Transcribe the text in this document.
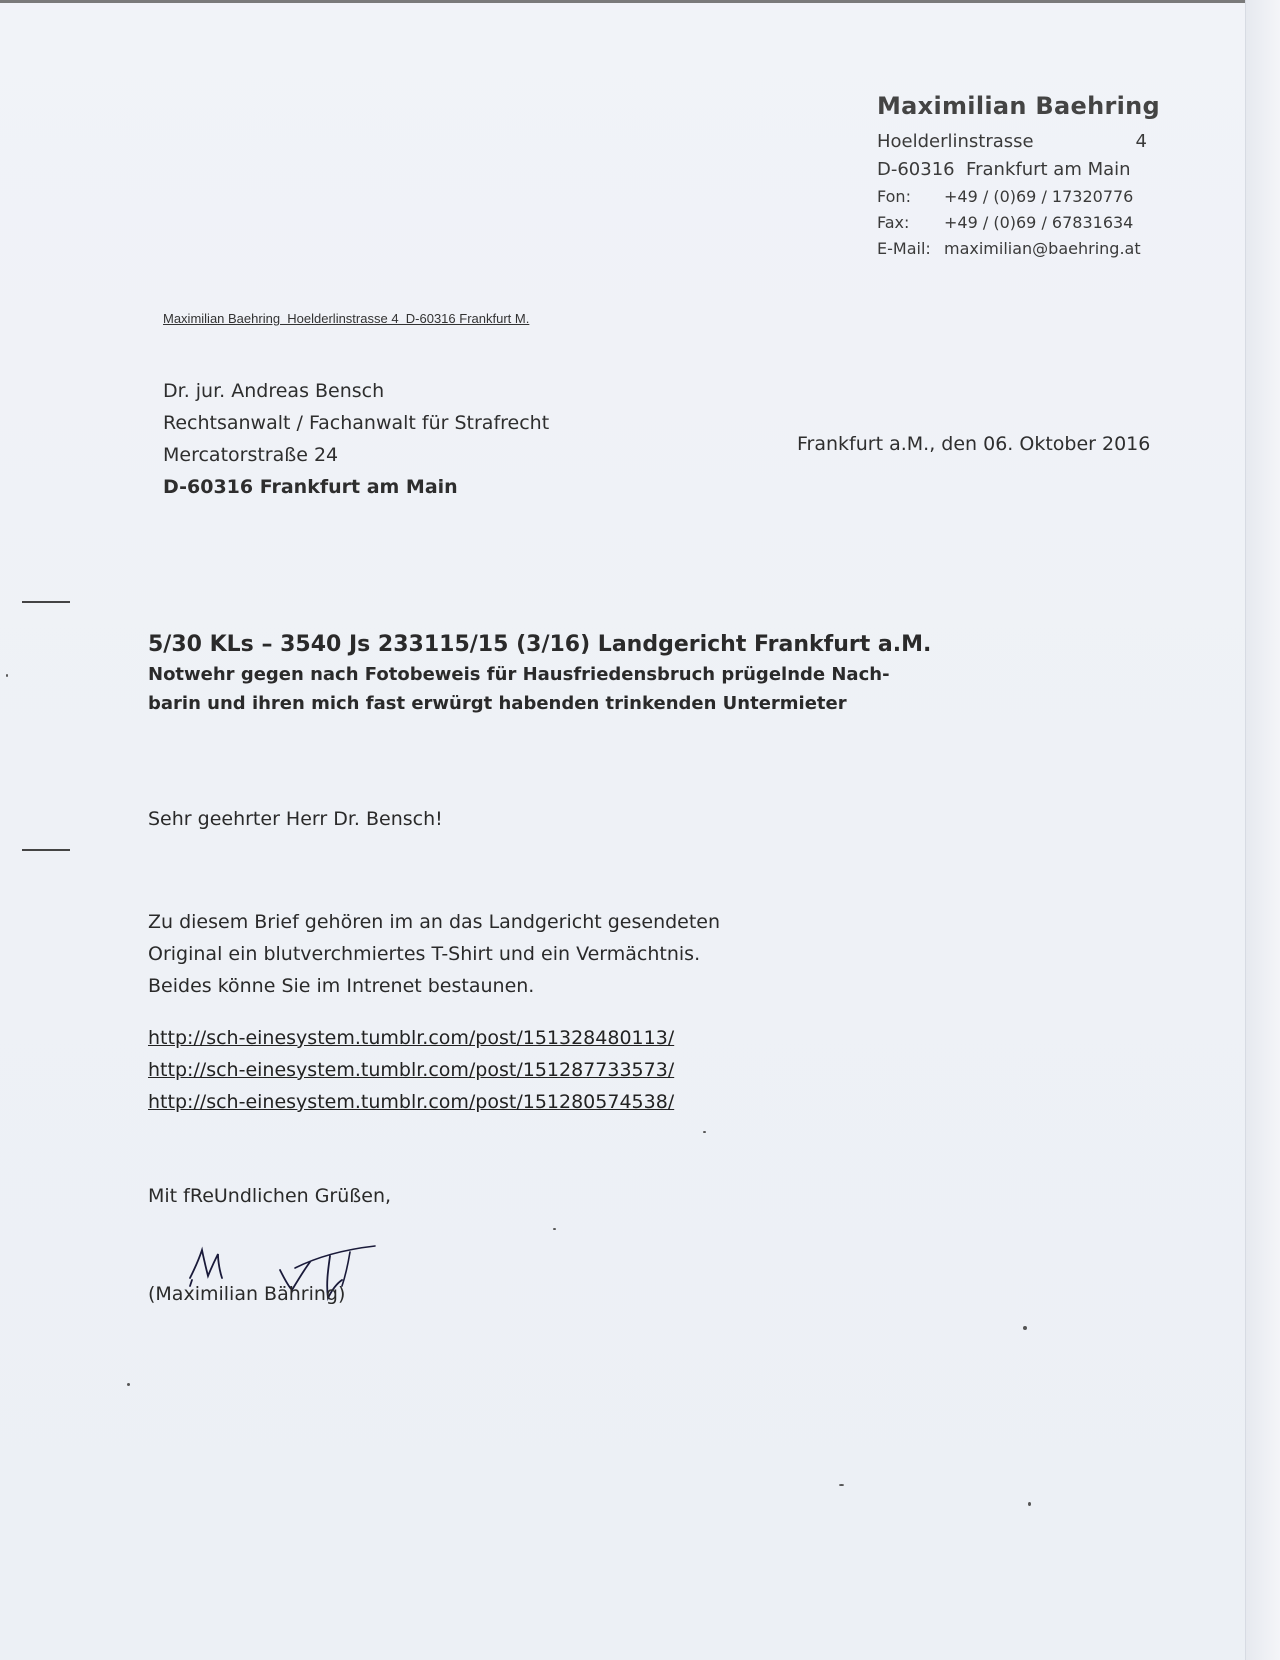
Maximilian Baehring
Hoelderlinstrasse	4
D-60316  Frankfurt am Main
Fon:	+49 / (0)69 / 17320776
Fax:	+49 / (0)69 / 67831634
E-Mail: maximilian@baehring.at
Maximilian Baehring  Hoelderlinstrasse 4  D-60316 Frankfurt M.
Dr. jur. Andreas Bensch
Rechtsanwalt / Fachanwalt für Strafrecht
Mercatorstraße 24
D-60316 Frankfurt am Main
Frankfurt a.M., den 06. Oktober 2016
5/30 KLs – 3540 Js 233115/15 (3/16) Landgericht Frankfurt a.M.
Notwehr gegen nach Fotobeweis für Hausfriedensbruch prügelnde Nach-
barin und ihren mich fast erwürgt habenden trinkenden Untermieter
Sehr geehrter Herr Dr. Bensch!
Zu diesem Brief gehören im an das Landgericht gesendeten
Original ein blutverchmiertes T-Shirt und ein Vermächtnis.
Beides könne Sie im Intrenet bestaunen.
http://sch-einesystem.tumblr.com/post/151328480113/
http://sch-einesystem.tumblr.com/post/151287733573/
http://sch-einesystem.tumblr.com/post/151280574538/
Mit fReUndlichen Grüßen,
(Maximilian Bähring)
